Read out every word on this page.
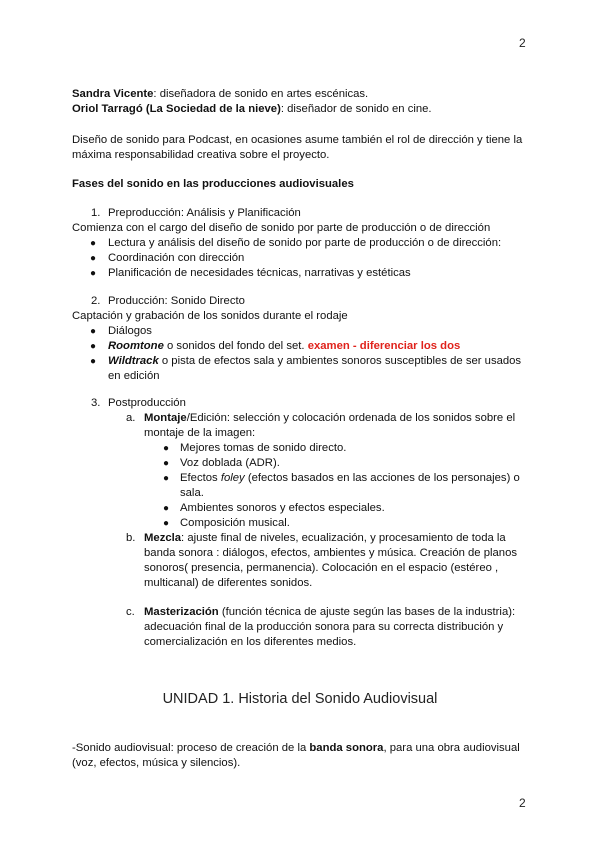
2
Sandra Vicente: diseñadora de sonido en artes escénicas.
Oriol Tarragó (La Sociedad de la nieve): diseñador de sonido en cine.
Diseño de sonido para Podcast, en ocasiones asume también el rol de dirección y tiene la
máxima responsabilidad creativa sobre el proyecto.
Fases del sonido en las producciones audiovisuales
1. Preproducción: Análisis y Planificación
Comienza con el cargo del diseño de sonido por parte de producción o de dirección
● Lectura y análisis del diseño de sonido por parte de producción o de dirección:
● Coordinación con dirección
● Planificación de necesidades técnicas, narrativas y estéticas
2. Producción: Sonido Directo
Captación y grabación de los sonidos durante el rodaje
● Diálogos
● Roomtone o sonidos del fondo del set. examen - diferenciar los dos
● Wildtrack o pista de efectos sala y ambientes sonoros susceptibles de ser usados
en edición
3. Postproducción
a. Montaje/Edición: selección y colocación ordenada de los sonidos sobre el
montaje de la imagen:
● Mejores tomas de sonido directo.
● Voz doblada (ADR).
● Efectos foley (efectos basados en las acciones de los personajes) o
sala.
● Ambientes sonoros y efectos especiales.
● Composición musical.
b. Mezcla: ajuste final de niveles, ecualización, y procesamiento de toda la
banda sonora : diálogos, efectos, ambientes y música. Creación de planos
sonoros( presencia, permanencia). Colocación en el espacio (estéreo ,
multicanal) de diferentes sonidos.
c. Masterización (función técnica de ajuste según las bases de la industria):
adecuación final de la producción sonora para su correcta distribución y
comercialización en los diferentes medios.
UNIDAD 1. Historia del Sonido Audiovisual
-Sonido audiovisual: proceso de creación de la banda sonora, para una obra audiovisual
(voz, efectos, música y silencios).
2
